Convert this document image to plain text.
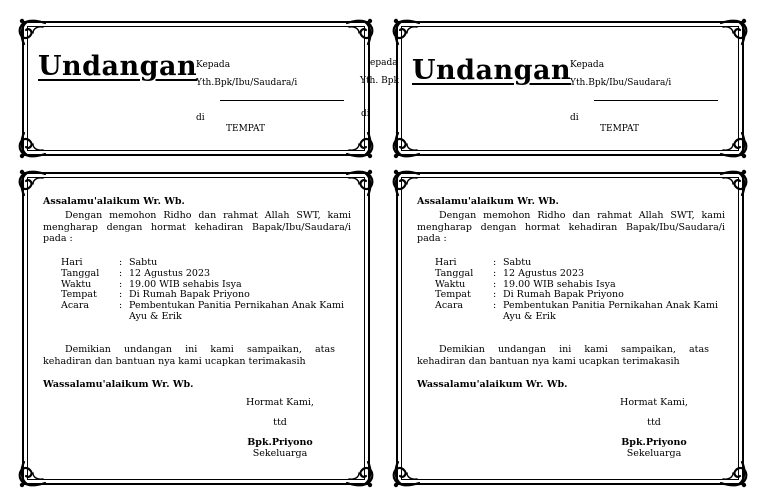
Undangan
Kepada
Yth.Bpk/Ibu/Saudara/i
di
TEMPAT
Undangan
Kepada
Yth.Bpk/Ibu/Saudara/i
di
TEMPAT
epada
Yth. Bpk
di
Assalamu'alaikum Wr. Wb.
Dengan memohon Ridho dan rahmat Allah SWT, kami mengharap dengan hormat kehadiran Bapak/Ibu/Saudara/i pada :
Hari	: Sabtu
Tanggal	: 12 Agustus 2023
Waktu	: 19.00 WIB sehabis Isya
Tempat	: Di Rumah Bapak Priyono
Acara	: Pembentukan Panitia Pernikahan Anak Kami Ayu & Erik
Demikian undangan ini kami sampaikan, atas kehadiran dan bantuan nya kami ucapkan terimakasih
Wassalamu'alaikum Wr. Wb.
Hormat Kami,
ttd
Bpk.Priyono
Sekeluarga
Assalamu'alaikum Wr. Wb.
Dengan memohon Ridho dan rahmat Allah SWT, kami mengharap dengan hormat kehadiran Bapak/Ibu/Saudara/i pada :
Hari	: Sabtu
Tanggal	: 12 Agustus 2023
Waktu	: 19.00 WIB sehabis Isya
Tempat	: Di Rumah Bapak Priyono
Acara	: Pembentukan Panitia Pernikahan Anak Kami Ayu & Erik
Demikian undangan ini kami sampaikan, atas kehadiran dan bantuan nya kami ucapkan terimakasih
Wassalamu'alaikum Wr. Wb.
Hormat Kami,
ttd
Bpk.Priyono
Sekeluarga
